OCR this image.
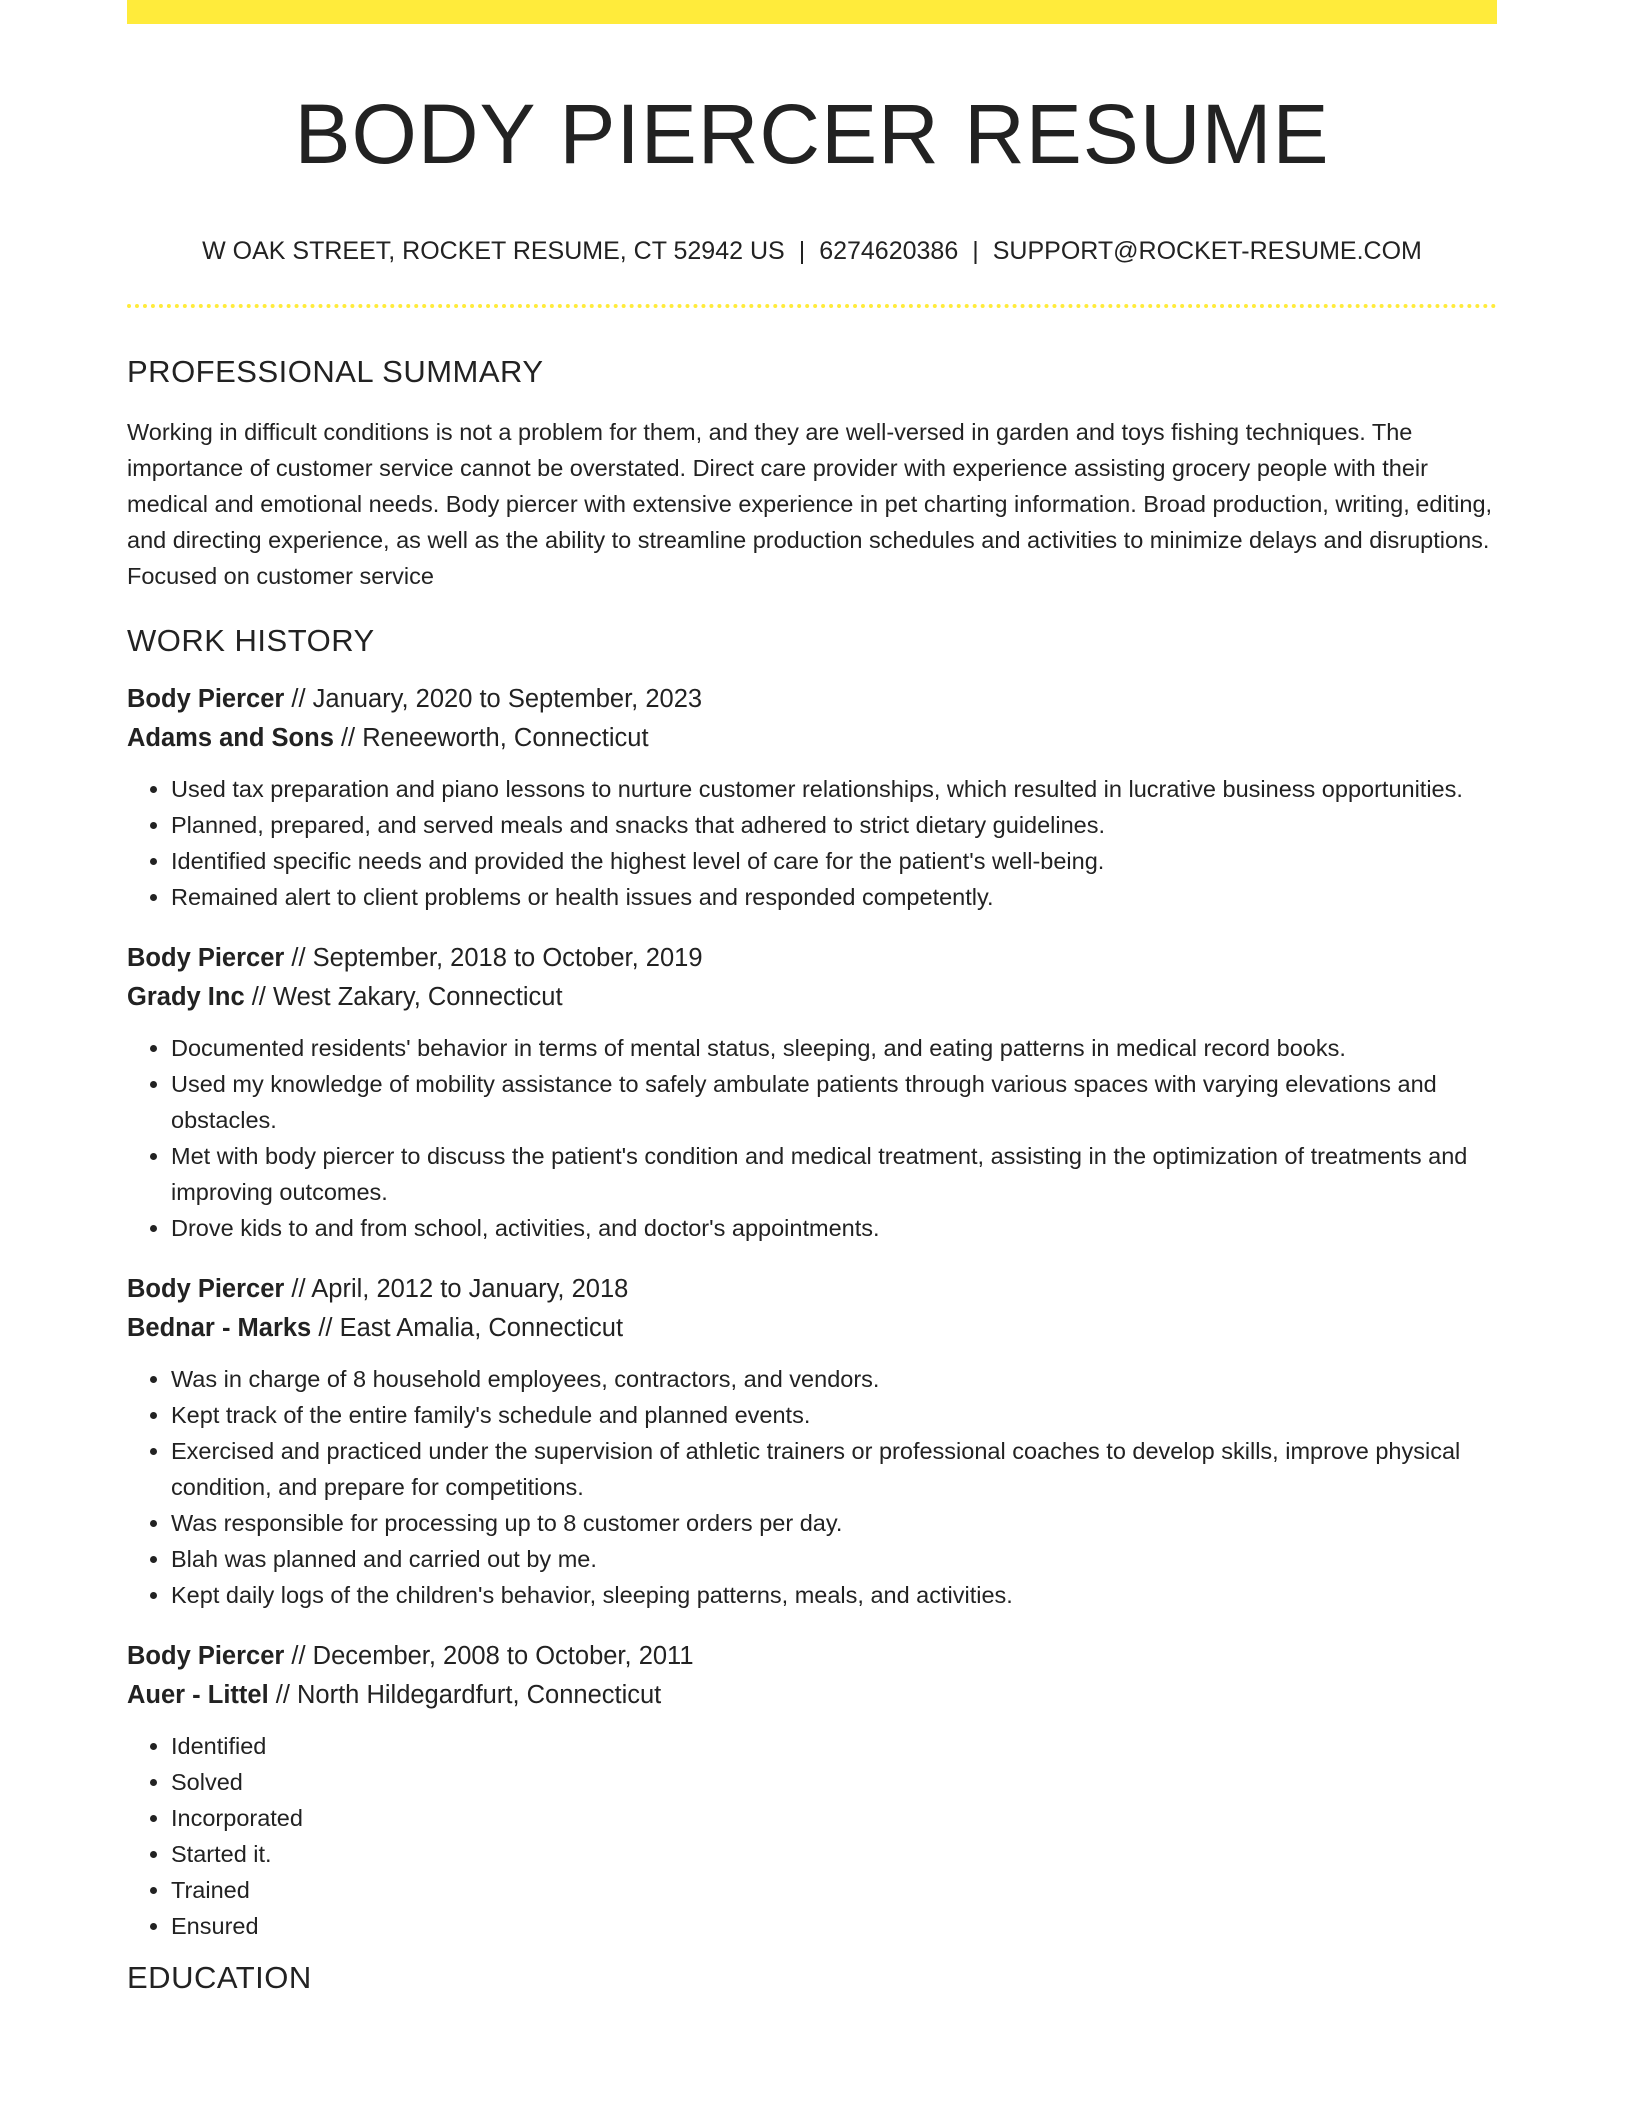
BODY PIERCER RESUME
W OAK STREET, ROCKET RESUME, CT 52942 US | 6274620386 | SUPPORT@ROCKET-RESUME.COM
PROFESSIONAL SUMMARY

Working in difficult conditions is not a problem for them, and they are well-versed in garden and toys fishing techniques. The importance of customer service cannot be overstated. Direct care provider with experience assisting grocery people with their medical and emotional needs. Body piercer with extensive experience in pet charting information. Broad production, writing, editing, and directing experience, as well as the ability to streamline production schedules and activities to minimize delays and disruptions. Focused on customer service

WORK HISTORY

Body Piercer // January, 2020 to September, 2023

Adams and Sons // Reneeworth, Connecticut

• Used tax preparation and piano lessons to nurture customer relationships, which resulted in lucrative business opportunities.
• Planned, prepared, and served meals and snacks that adhered to strict dietary guidelines.
• Identified specific needs and provided the highest level of care for the patient's well-being.
• Remained alert to client problems or health issues and responded competently.

Body Piercer // September, 2018 to October, 2019

Grady Inc // West Zakary, Connecticut

• Documented residents' behavior in terms of mental status, sleeping, and eating patterns in medical record books.
• Used my knowledge of mobility assistance to safely ambulate patients through various spaces with varying elevations and obstacles.
• Met with body piercer to discuss the patient's condition and medical treatment, assisting in the optimization of treatments and improving outcomes.
• Drove kids to and from school, activities, and doctor's appointments.

Body Piercer // April, 2012 to January, 2018

Bednar - Marks // East Amalia, Connecticut

• Was in charge of 8 household employees, contractors, and vendors.
• Kept track of the entire family's schedule and planned events.
• Exercised and practiced under the supervision of athletic trainers or professional coaches to develop skills, improve physical condition, and prepare for competitions.
• Was responsible for processing up to 8 customer orders per day.
• Blah was planned and carried out by me.
• Kept daily logs of the children's behavior, sleeping patterns, meals, and activities.

Body Piercer // December, 2008 to October, 2011

Auer - Littel // North Hildegardfurt, Connecticut

• Identified
• Solved
• Incorporated
• Started it.
• Trained
• Ensured
EDUCATION
